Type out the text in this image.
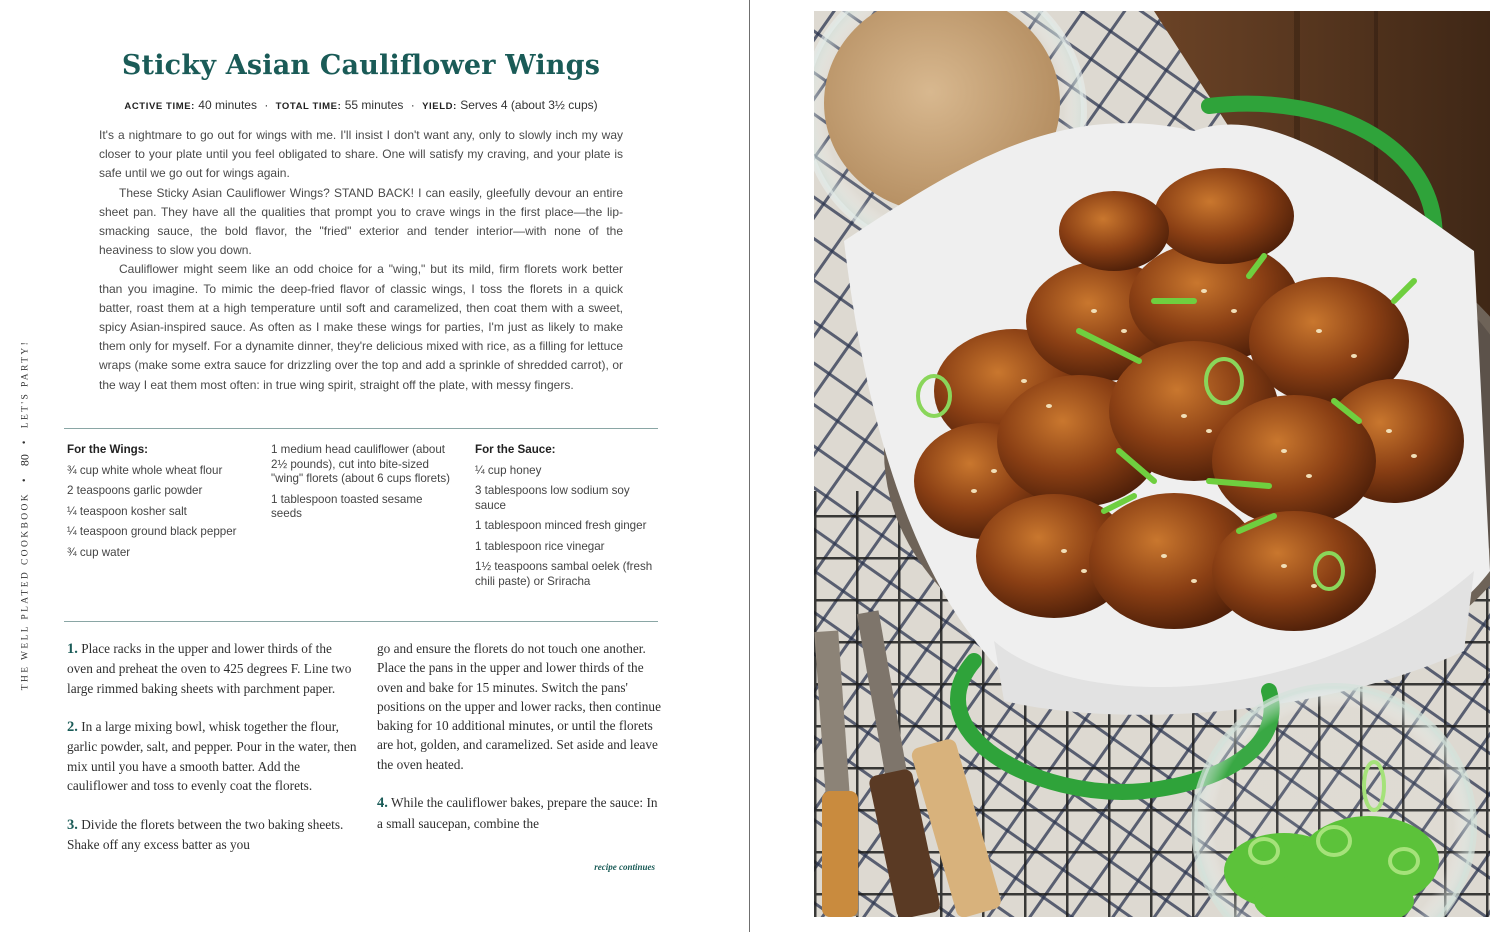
THE WELL PLATED COOKBOOK
•
80
•
LET'S PARTY!
Sticky Asian Cauliflower Wings
ACTIVE TIME: 40 minutes · TOTAL TIME: 55 minutes · YIELD: Serves 4 (about 3½ cups)

It's a nightmare to go out for wings with me. I'll insist I don't want any, only to slowly inch my way closer to your plate until you feel obligated to share. One will satisfy my craving, and your plate is safe until we go out for wings again.

These Sticky Asian Cauliflower Wings? STAND BACK! I can easily, gleefully devour an entire sheet pan. They have all the qualities that prompt you to crave wings in the first place—the lip-smacking sauce, the bold flavor, the "fried" exterior and tender interior—with none of the heaviness to slow you down.

Cauliflower might seem like an odd choice for a "wing," but its mild, firm florets work better than you imagine. To mimic the deep-fried flavor of classic wings, I toss the florets in a quick batter, roast them at a high temperature until soft and caramelized, then coat them with a sweet, spicy Asian-inspired sauce. As often as I make these wings for parties, I'm just as likely to make them only for myself. For a dynamite dinner, they're delicious mixed with rice, as a filling for lettuce wraps (make some extra sauce for drizzling over the top and add a sprinkle of shredded carrot), or the way I eat them most often: in true wing spirit, straight off the plate, with messy fingers.

For the Wings:
¾ cup white whole wheat flour
2 teaspoons garlic powder
¼ teaspoon kosher salt
¼ teaspoon ground black pepper
¾ cup water
1 medium head cauliflower (about 2½ pounds), cut into bite-sized "wing" florets (about 6 cups florets)
1 tablespoon toasted sesame seeds
For the Sauce:
¼ cup honey
3 tablespoons low sodium soy sauce
1 tablespoon minced fresh ginger
1 tablespoon rice vinegar
1½ teaspoons sambal oelek (fresh chili paste) or Sriracha
1. Place racks in the upper and lower thirds of the oven and preheat the oven to 425 degrees F. Line two large rimmed baking sheets with parchment paper.
2. In a large mixing bowl, whisk together the flour, garlic powder, salt, and pepper. Pour in the water, then mix until you have a smooth batter. Add the cauliflower and toss to evenly coat the florets.
3. Divide the florets between the two baking sheets. Shake off any excess batter as you
go and ensure the florets do not touch one another. Place the pans in the upper and lower thirds of the oven and bake for 15 minutes. Switch the pans' positions on the upper and lower racks, then continue baking for 10 additional minutes, or until the florets are hot, golden, and caramelized. Set aside and leave the oven heated.
4. While the cauliflower bakes, prepare the sauce: In a small saucepan, combine the
recipe continues
